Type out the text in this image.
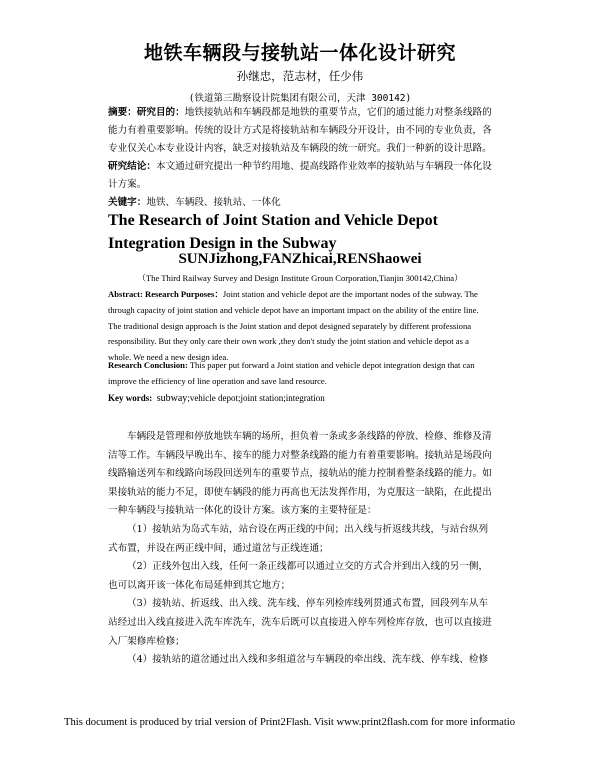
地铁车辆段与接轨站一体化设计研究
孙继忠，范志材，任少伟
(铁道第三勘察设计院集团有限公司，天津 300142)
摘要：研究目的：地铁接轨站和车辆段都是地铁的重要节点，它们的通过能力对整条线路的能力有着重要影响。传统的设计方式是将接轨站和车辆段分开设计，由不同的专业负责，各专业仅关心本专业设计内容，缺乏对接轨站及车辆段的统一研究。我们一种新的设计思路。
研究结论：本文通过研究提出一种节约用地、提高线路作业效率的接轨站与车辆段一体化设计方案。
关键字：地铁、车辆段、接轨站、一体化
The Research of Joint Station and Vehicle Depot Integration Design in the Subway
SUNJizhong,FANZhicai,RENShaowei
（The Third Railway Survey and Design Institute Groun Corporation,Tianjin 300142,China）
Abstract: Research Purposes：Joint station and vehicle depot are the important nodes of the subway. The through capacity of joint station and vehicle depot have an important impact on the ability of the entire line. The traditional design approach is the Joint station and depot designed separately by different professiona responsibility. But they only care their own work ,they don't study the joint station and vehicle depot as a whole. We need a new design idea.
Research Conclusion: This paper put forward a Joint station and vehicle depot integration design that can improve the efficiency of line operation and save land resource.
Key words: subway;vehicle depot;joint station;integration

车辆段是管理和停放地铁车辆的场所，担负着一条或多条线路的停放、检修、维修及清洁等工作。车辆段早晚出车、接车的能力对整条线路的能力有着重要影响。接轨站是场段向线路输送列车和线路向场段回送列车的重要节点，接轨站的能力控制着整条线路的能力。如果接轨站的能力不足，即使车辆段的能力再高也无法发挥作用，为克服这一缺陷，在此提出一种车辆段与接轨站一体化的设计方案。该方案的主要特征是：

（1）接轨站为岛式车站，站台设在两正线的中间；出入线与折返线共线，与站台纵列式布置，并设在两正线中间，通过道岔与正线连通；

（2）正线外包出入线，任何一条正线都可以通过立交的方式合并到出入线的另一侧，也可以离开该一体化布局延伸到其它地方；

（3）接轨站、折返线、出入线、洗车线、停车列检库线列贯通式布置，回段列车从车站经过出入线直接进入洗车库洗车，洗车后既可以直接进入停车列检库存放，也可以直接进入厂架修库检修；

（4）接轨站的道岔通过出入线和多组道岔与车辆段的牵出线、洗车线、停车线、检修

This document is produced by trial version of Print2Flash. Visit www.print2flash.com for more informatio
